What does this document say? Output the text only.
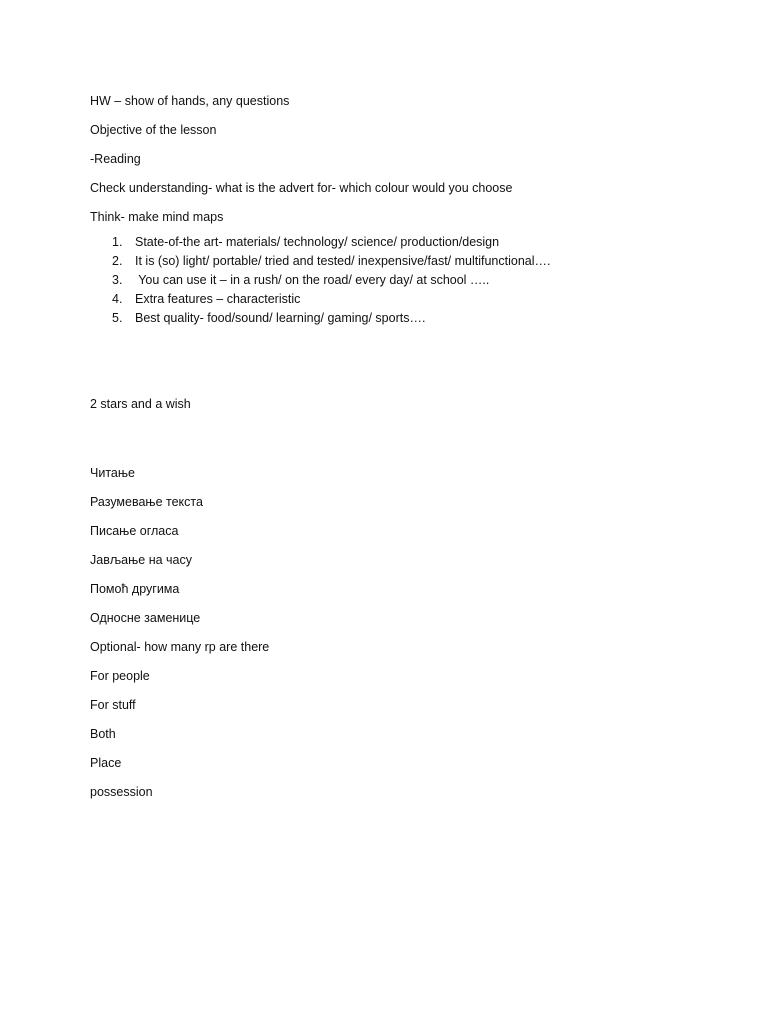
HW – show of hands, any questions

Objective of the lesson

-Reading

Check understanding- what is the advert for- which colour would you choose

Think- make mind maps

1. State-of-the art- materials/ technology/ science/ production/design
2. It is (so) light/ portable/ tried and tested/ inexpensive/fast/ multifunctional….
3. You can use it – in a rush/ on the road/ every day/ at school …..
4. Extra features – characteristic
5. Best quality- food/sound/ learning/ gaming/ sports….

2 stars and a wish

Читање

Разумевање текста

Писање огласа

Јављање на часу

Помоћ другима

Односне заменице

Optional- how many rp are there

For people

For stuff

Both

Place

possession
